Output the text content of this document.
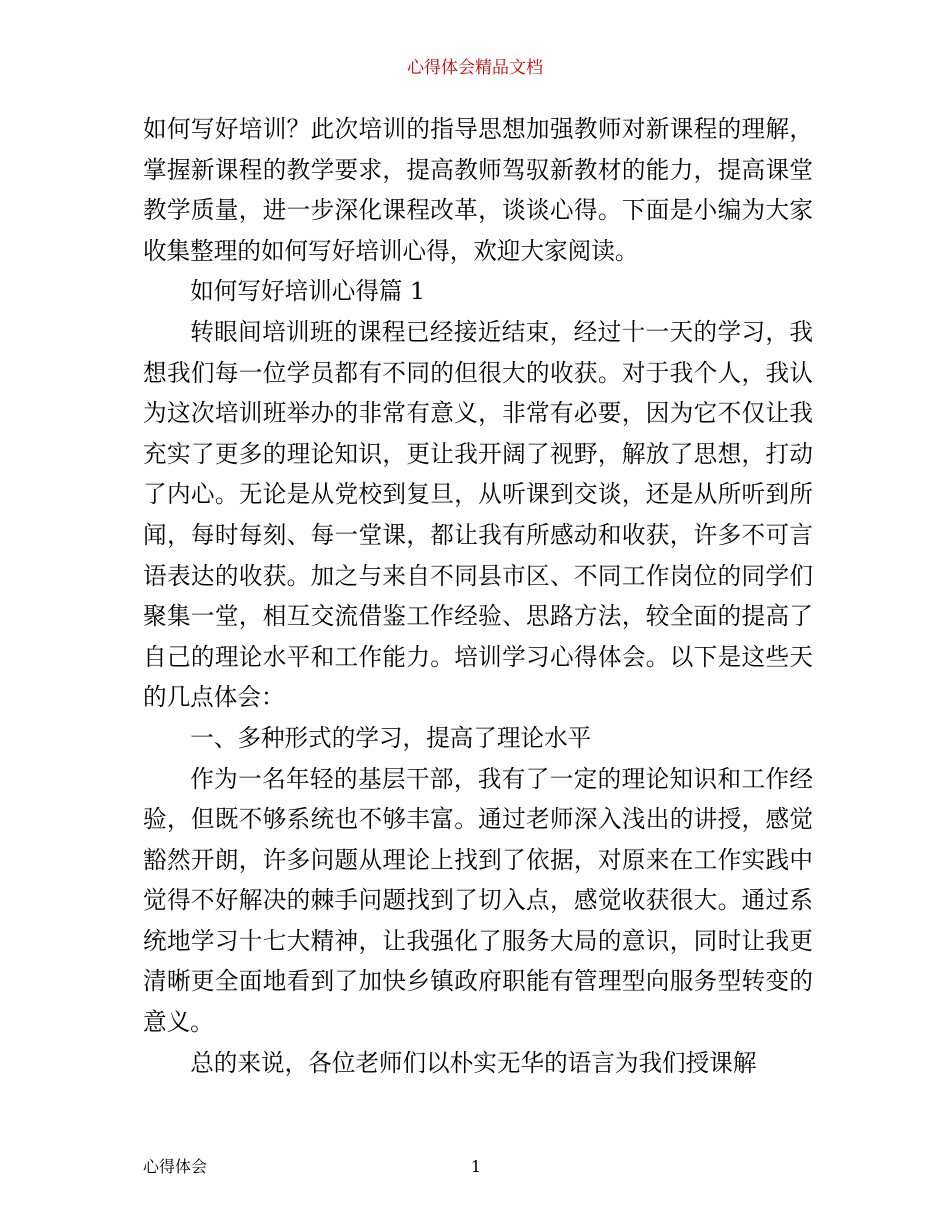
心得体会精品文档

如何写好培训？此次培训的指导思想加强教师对新课程的理解，掌握新课程的教学要求，提高教师驾驭新教材的能力，提高课堂教学质量，进一步深化课程改革，谈谈心得。下面是小编为大家收集整理的如何写好培训心得，欢迎大家阅读。

如何写好培训心得篇 1

转眼间培训班的课程已经接近结束，经过十一天的学习，我想我们每一位学员都有不同的但很大的收获。对于我个人，我认为这次培训班举办的非常有意义，非常有必要，因为它不仅让我充实了更多的理论知识，更让我开阔了视野，解放了思想，打动了内心。无论是从党校到复旦，从听课到交谈，还是从所听到所闻，每时每刻、每一堂课，都让我有所感动和收获，许多不可言语表达的收获。加之与来自不同县市区、不同工作岗位的同学们聚集一堂，相互交流借鉴工作经验、思路方法，较全面的提高了自己的理论水平和工作能力。培训学习心得体会。以下是这些天的几点体会：

一、多种形式的学习，提高了理论水平

作为一名年轻的基层干部，我有了一定的理论知识和工作经验，但既不够系统也不够丰富。通过老师深入浅出的讲授，感觉豁然开朗，许多问题从理论上找到了依据，对原来在工作实践中觉得不好解决的棘手问题找到了切入点，感觉收获很大。通过系统地学习十七大精神，让我强化了服务大局的意识，同时让我更清晰更全面地看到了加快乡镇政府职能有管理型向服务型转变的意义。

总的来说，各位老师们以朴实无华的语言为我们授课解

心得体会	1
